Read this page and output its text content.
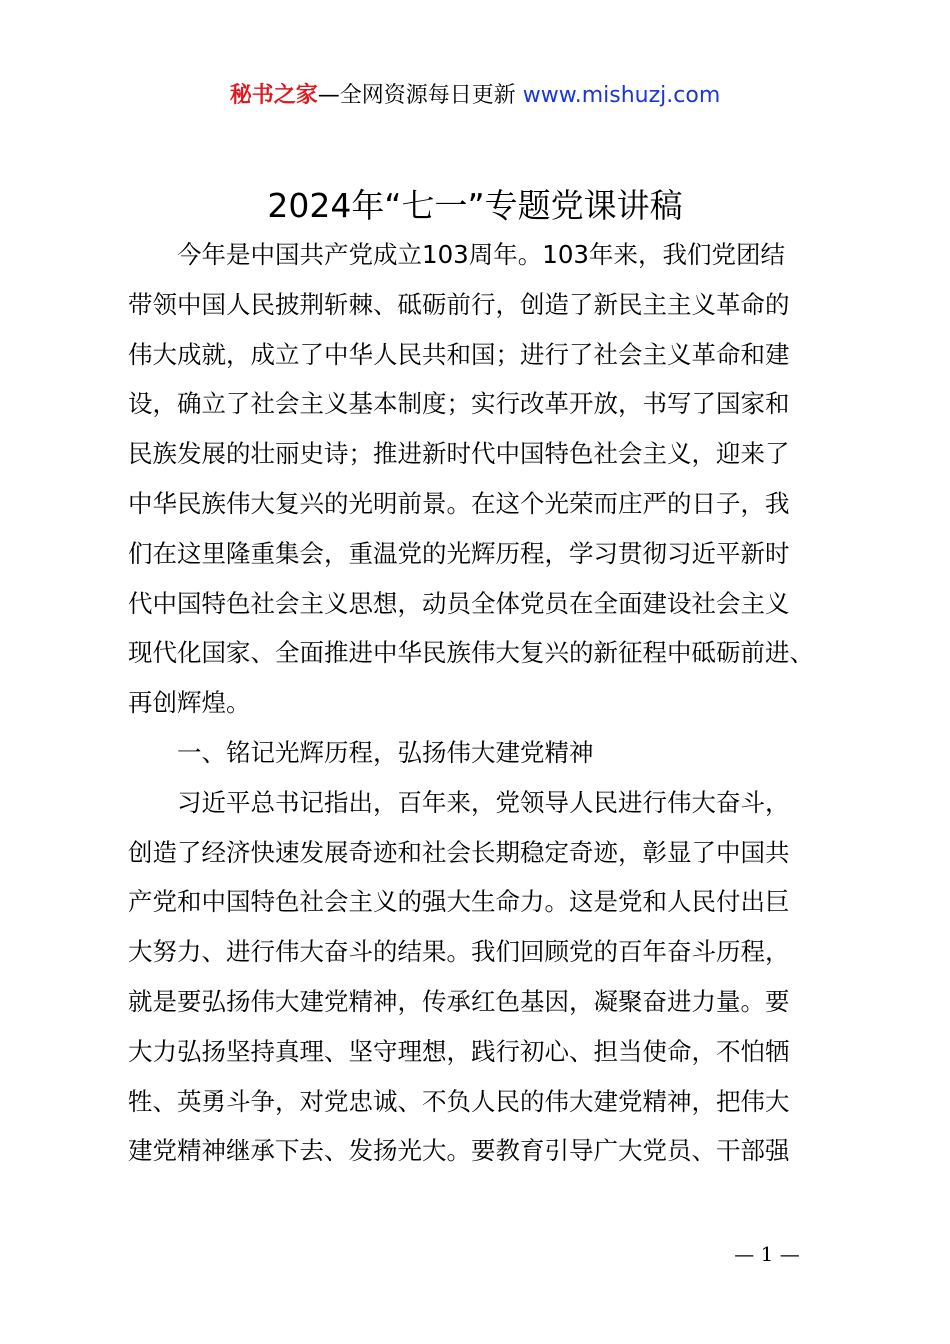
秘书之家—全网资源每日更新 www.mishuzj.com
2024年“七一”专题党课讲稿
今年是中国共产党成立103周年。103年来，我们党团结
带领中国人民披荆斩棘、砥砺前行，创造了新民主主义革命的
伟大成就，成立了中华人民共和国；进行了社会主义革命和建
设，确立了社会主义基本制度；实行改革开放，书写了国家和
民族发展的壮丽史诗；推进新时代中国特色社会主义，迎来了
中华民族伟大复兴的光明前景。在这个光荣而庄严的日子，我
们在这里隆重集会，重温党的光辉历程，学习贯彻习近平新时
代中国特色社会主义思想，动员全体党员在全面建设社会主义
现代化国家、全面推进中华民族伟大复兴的新征程中砥砺前进、
再创辉煌。
一、铭记光辉历程，弘扬伟大建党精神
习近平总书记指出，百年来，党领导人民进行伟大奋斗，
创造了经济快速发展奇迹和社会长期稳定奇迹，彰显了中国共
产党和中国特色社会主义的强大生命力。这是党和人民付出巨
大努力、进行伟大奋斗的结果。我们回顾党的百年奋斗历程，
就是要弘扬伟大建党精神，传承红色基因，凝聚奋进力量。要
大力弘扬坚持真理、坚守理想，践行初心、担当使命，不怕牺
牲、英勇斗争，对党忠诚、不负人民的伟大建党精神，把伟大
建党精神继承下去、发扬光大。要教育引导广大党员、干部强
— 1 —
